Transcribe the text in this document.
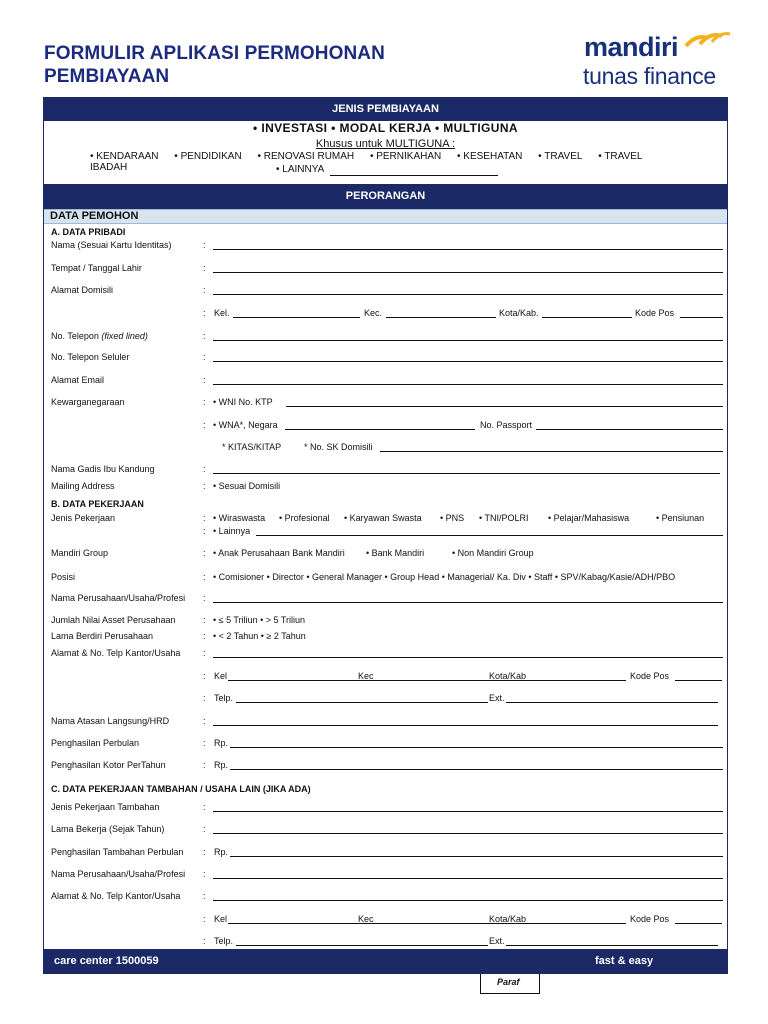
FORMULIR APLIKASI PERMOHONAN PEMBIAYAAN
mandiri
tunas finance
JENIS PEMBIAYAAN
• INVESTASI • MODAL KERJA • MULTIGUNA
Khusus untuk MULTIGUNA :
• KENDARAAN • PENDIDIKAN • RENOVASI RUMAH • PERNIKAHAN • KESEHATAN • TRAVEL • TRAVEL IBADAH	• LAINNYA
PERORANGAN
DATA PEMOHON
A. DATA PRIBADI
Nama (Sesuai Kartu Identitas)	:
Tempat / Tanggal Lahir	:
Alamat Domisili	:
: Kel.	Kec.	Kota/Kab.	Kode Pos
No. Telepon (fixed lined)	:
No. Telepon Seluler	:
Alamat Email	:
Kewarganegaraan	: • WNI No. KTP
: • WNA*, Negara	No. Passport
* KITAS/KITAP	* No. SK Domisili
Nama Gadis Ibu Kandung	:
Mailing Address	: • Sesuai Domisili
B. DATA PEKERJAAN
Jenis Pekerjaan	: • Wiraswasta • Profesional • Karyawan Swasta • PNS • TNI/POLRI • Pelajar/Mahasiswa	• Pensiunan
: • Lainnya
Mandiri Group	: • Anak Perusahaan Bank Mandiri • Bank Mandiri	• Non Mandiri Group
Posisi	: • Comisioner • Director • General Manager • Group Head • Managerial/ Ka. Div • Staff • SPV/Kabag/Kasie/ADH/PBO
Nama Perusahaan/Usaha/Profesi :
Jumlah Nilai Asset Perusahaan	: • ≤ 5 Triliun • > 5 Triliun
Lama Berdiri Perusahaan	: • < 2 Tahun • ≥ 2 Tahun
Alamat & No. Telp Kantor/Usaha	:
: Kel	Kec	Kota/Kab	Kode Pos
: Telp.	Ext.
Nama Atasan Langsung/HRD	:
Penghasilan Perbulan	: Rp.
Penghasilan Kotor PerTahun	: Rp.
C. DATA PEKERJAAN TAMBAHAN / USAHA LAIN (JIKA ADA)
Jenis Pekerjaan Tambahan	:
Lama Bekerja (Sejak Tahun)	:
Penghasilan Tambahan Perbulan : Rp.
Nama Perusahaan/Usaha/Profesi :
Alamat & No. Telp Kantor/Usaha	:
: Kel	Kec	Kota/Kab	Kode Pos
: Telp.	Ext.
care center 1500059	fast & easy
Paraf
